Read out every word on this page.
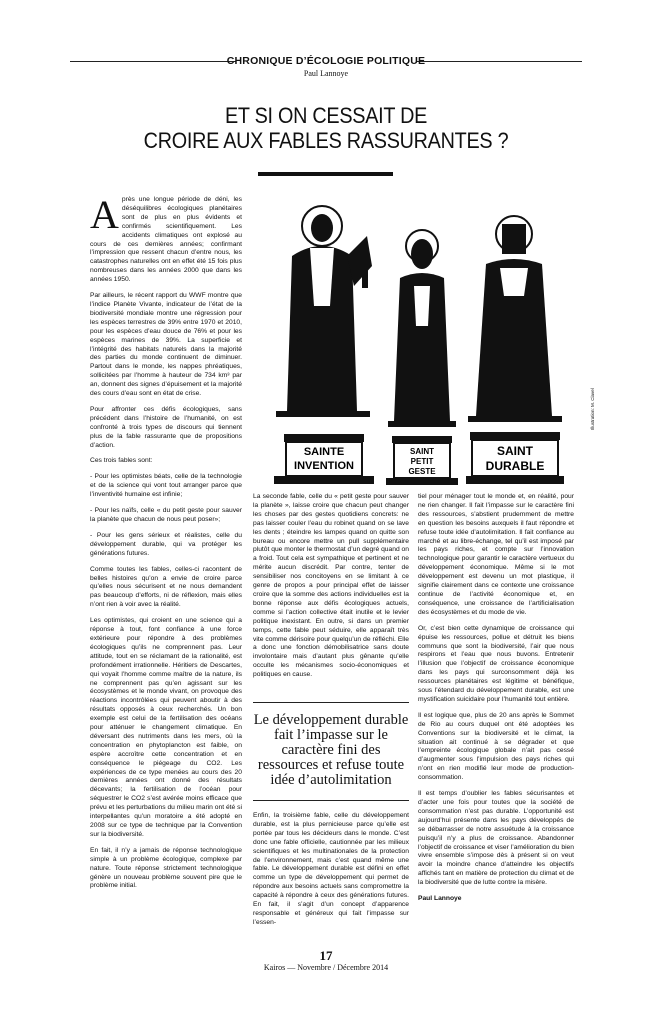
CHRONIQUE D’ÉCOLOGIE POLITIQUE
Paul Lannoye
ET SI ON CESSAIT DE
CROIRE AUX FABLES RASSURANTES ?
SAINTE
INVENTION
SAINT
PETIT
GESTE
SAINT
DURABLE
Illustration: M. Clavel

Après une longue période de déni, les déséquilibres écologiques planétaires sont de plus en plus évidents et confirmés scientifiquement. Les accidents climatiques ont explosé au cours de ces dernières années; confirmant l’impression que ressent chacun d’entre nous, les catastrophes naturelles ont en effet été 15 fois plus nombreuses dans les années 2000 que dans les années 1950.

Par ailleurs, le récent rapport du WWF montre que l’indice Planète Vivante, indicateur de l’état de la biodiversité mondiale montre une régression pour les espèces terrestres de 39% entre 1970 et 2010, pour les espèces d’eau douce de 76% et pour les espèces marines de 39%. La superficie et l’intégrité des habitats naturels dans la majorité des parties du monde continuent de diminuer. Partout dans le monde, les nappes phréatiques, sollicitées par l’homme à hauteur de 734 km³ par an, donnent des signes d’épuisement et la majorité des cours d’eau sont en état de crise.

Pour affronter ces défis écologiques, sans précédent dans l’histoire de l’humanité, on est confronté à trois types de discours qui tiennent plus de la fable rassurante que de propositions d’action.

Ces trois fables sont:

- Pour les optimistes béats, celle de la technologie et de la science qui vont tout arranger parce que l’inventivité humaine est infinie;

- Pour les naïfs, celle « du petit geste pour sauver la planète que chacun de nous peut poser»;

- Pour les gens sérieux et réalistes, celle du développement durable, qui va protéger les générations futures.

Comme toutes les fables, celles-ci racontent de belles histoires qu’on a envie de croire parce qu’elles nous sécurisent et ne nous demandent pas beaucoup d’efforts, ni de réflexion, mais elles n’ont rien à voir avec la réalité.

Les optimistes, qui croient en une science qui a réponse à tout, font confiance à une force extérieure pour répondre à des problèmes écologiques qu’ils ne comprennent pas. Leur attitude, tout en se réclamant de la rationalité, est profondément irrationnelle. Héritiers de Descartes, qui voyait l’homme comme maître de la nature, ils ne comprennent pas qu’en agissant sur les écosystèmes et le monde vivant, on provoque des réactions incontrôlées qui peuvent aboutir à des résultats opposés à ceux recherchés. Un bon exemple est celui de la fertilisation des océans pour atténuer le changement climatique. En déversant des nutriments dans les mers, où la concentration en phytoplancton est faible, on espère accroître cette concentration et en conséquence le piégeage du CO2. Les expériences de ce type menées au cours des 20 dernières années ont donné des résultats décevants; la fertilisation de l’océan pour séquestrer le CO2 s’est avérée moins efficace que prévu et les perturbations du milieu marin ont été si interpellantes qu’un moratoire a été adopté en 2008 sur ce type de technique par la Convention sur la biodiversité.

En fait, il n’y a jamais de réponse technologique simple à un problème écologique, complexe par nature. Toute réponse strictement technologique génère un nouveau problème souvent pire que le problème initial.

La seconde fable, celle du « petit geste pour sauver la planète », laisse croire que chacun peut changer les choses par des gestes quotidiens concrets: ne pas laisser couler l’eau du robinet quand on se lave les dents ; éteindre les lampes quand on quitte son bureau ou encore mettre un pull supplémentaire plutôt que monter le thermostat d’un degré quand on a froid. Tout cela est sympathique et pertinent et ne mérite aucun discrédit. Par contre, tenter de sensibiliser nos concitoyens en se limitant à ce genre de propos a pour principal effet de laisser croire que la somme des actions individuelles est la bonne réponse aux défis écologiques actuels, comme si l’action collective était inutile et le levier politique inexistant. En outre, si dans un premier temps, cette fable peut séduire, elle apparaît très vite comme dérisoire pour quelqu’un de réfléchi. Elle a donc une fonction démobilisatrice sans doute involontaire mais d’autant plus gênante qu’elle occulte les mécanismes socio-économiques et politiques en cause.

Le développement durable fait l’impasse sur le caractère fini des ressources et refuse toute idée d’autolimitation

Enfin, la troisième fable, celle du développement durable, est la plus pernicieuse parce qu’elle est portée par tous les décideurs dans le monde. C’est donc une fable officielle, cautionnée par les milieux scientifiques et les multinationales de la protection de l’environnement, mais c’est quand même une fable. Le développement durable est défini en effet comme un type de développement qui permet de répondre aux besoins actuels sans compromettre la capacité à répondre à ceux des générations futures. En fait, il s’agit d’un concept d’apparence responsable et généreux qui fait l’impasse sur l’essen-

tiel pour ménager tout le monde et, en réalité, pour ne rien changer. Il fait l’impasse sur le caractère fini des ressources, s’abstient prudemment de mettre en question les besoins auxquels il faut répondre et refuse toute idée d’autolimitation. Il fait confiance au marché et au libre-échange, tel qu’il est imposé par les pays riches, et compte sur l’innovation technologique pour garantir le caractère vertueux du développement économique. Même si le mot développement est devenu un mot plastique, il signifie clairement dans ce contexte une croissance continue de l’activité économique et, en conséquence, une croissance de l’artificialisation des écosystèmes et du mode de vie.

Or, c’est bien cette dynamique de croissance qui épuise les ressources, pollue et détruit les biens communs que sont la biodiversité, l’air que nous respirons et l’eau que nous buvons. Entretenir l’illusion que l’objectif de croissance économique dans les pays qui surconsomment déjà les ressources planétaires est légitime et bénéfique, sous l’étendard du développement durable, est une mystification suicidaire pour l’humanité tout entière.

Il est logique que, plus de 20 ans après le Sommet de Rio au cours duquel ont été adoptées les Conventions sur la biodiversité et le climat, la situation ait continué à se dégrader et que l’empreinte écologique globale n’ait pas cessé d’augmenter sous l’impulsion des pays riches qui n’ont en rien modifié leur mode de production-consommation.

Il est temps d’oublier les fables sécurisantes et d’acter une fois pour toutes que la société de consommation n’est pas durable. L’opportunité est aujourd’hui présente dans les pays développés de se débarrasser de notre assuétude à la croissance puisqu’il n’y a plus de croissance. Abandonner l’objectif de croissance et viser l’amélioration du bien vivre ensemble s’impose dès à présent si on veut avoir la moindre chance d’atteindre les objectifs affichés tant en matière de protection du climat et de la biodiversité que de lutte contre la misère.

Paul Lannoye

17
Kairos — Novembre / Décembre 2014
